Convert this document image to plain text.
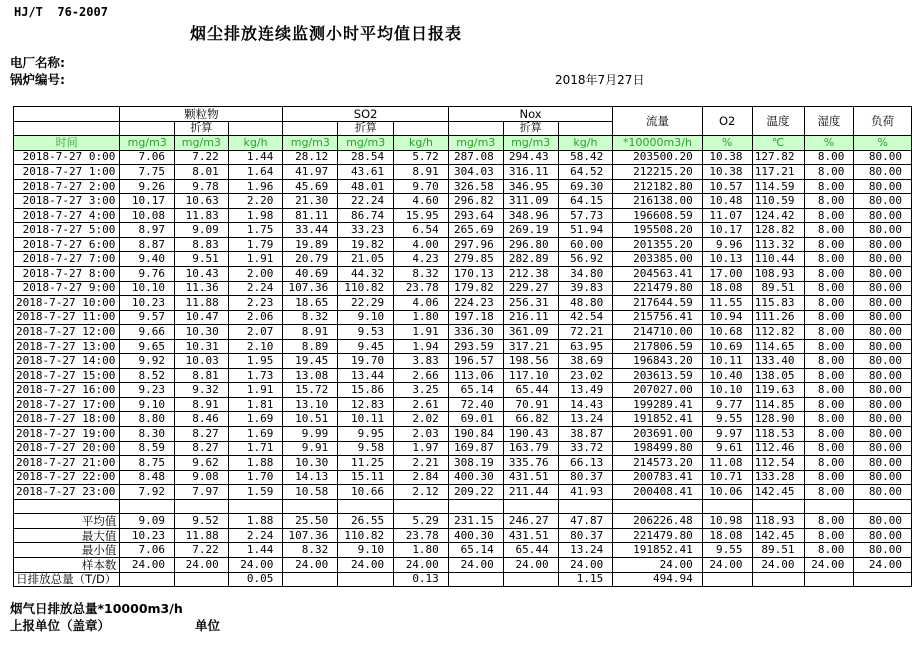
HJ/T  76-2007
烟尘排放连续监测小时平均值日报表
电厂名称:
锅炉编号:	2018年7月27日
	颗粒物			SO2			Nox			流量	O2	温度	湿度	负荷
		折算			折算			折算						
时间	mg/m3	mg/m3	kg/h	mg/m3	mg/m3	kg/h	mg/m3	mg/m3	kg/h	*10000m3/h	%	℃	%	%
2018-7-27 0:00	7.06	7.22	1.44	28.12	28.54	5.72	287.08	294.43	58.42	203500.20	10.38	127.82	8.00	80.00
2018-7-27 1:00	7.75	8.01	1.64	41.97	43.61	8.91	304.03	316.11	64.52	212215.20	10.38	117.21	8.00	80.00
2018-7-27 2:00	9.26	9.78	1.96	45.69	48.01	9.70	326.58	346.95	69.30	212182.80	10.57	114.59	8.00	80.00
2018-7-27 3:00	10.17	10.63	2.20	21.30	22.24	4.60	296.82	311.09	64.15	216138.00	10.48	110.59	8.00	80.00
2018-7-27 4:00	10.08	11.83	1.98	81.11	86.74	15.95	293.64	348.96	57.73	196608.59	11.07	124.42	8.00	80.00
2018-7-27 5:00	8.97	9.09	1.75	33.44	33.23	6.54	265.69	269.19	51.94	195508.20	10.17	128.82	8.00	80.00
2018-7-27 6:00	8.87	8.83	1.79	19.89	19.82	4.00	297.96	296.80	60.00	201355.20	9.96	113.32	8.00	80.00
2018-7-27 7:00	9.40	9.51	1.91	20.79	21.05	4.23	279.85	282.89	56.92	203385.00	10.13	110.44	8.00	80.00
2018-7-27 8:00	9.76	10.43	2.00	40.69	44.32	8.32	170.13	212.38	34.80	204563.41	17.00	108.93	8.00	80.00
2018-7-27 9:00	10.10	11.36	2.24	107.36	110.82	23.78	179.82	229.27	39.83	221479.80	18.08	89.51	8.00	80.00
2018-7-27 10:00	10.23	11.88	2.23	18.65	22.29	4.06	224.23	256.31	48.80	217644.59	11.55	115.83	8.00	80.00
2018-7-27 11:00	9.57	10.47	2.06	8.32	9.10	1.80	197.18	216.11	42.54	215756.41	10.94	111.26	8.00	80.00
2018-7-27 12:00	9.66	10.30	2.07	8.91	9.53	1.91	336.30	361.09	72.21	214710.00	10.68	112.82	8.00	80.00
2018-7-27 13:00	9.65	10.31	2.10	8.89	9.45	1.94	293.59	317.21	63.95	217806.59	10.69	114.65	8.00	80.00
2018-7-27 14:00	9.92	10.03	1.95	19.45	19.70	3.83	196.57	198.56	38.69	196843.20	10.11	133.40	8.00	80.00
2018-7-27 15:00	8.52	8.81	1.73	13.08	13.44	2.66	113.06	117.10	23.02	203613.59	10.40	138.05	8.00	80.00
2018-7-27 16:00	9.23	9.32	1.91	15.72	15.86	3.25	65.14	65.44	13.49	207027.00	10.10	119.63	8.00	80.00
2018-7-27 17:00	9.10	8.91	1.81	13.10	12.83	2.61	72.40	70.91	14.43	199289.41	9.77	114.85	8.00	80.00
2018-7-27 18:00	8.80	8.46	1.69	10.51	10.11	2.02	69.01	66.82	13.24	191852.41	9.55	128.90	8.00	80.00
2018-7-27 19:00	8.30	8.27	1.69	9.99	9.95	2.03	190.84	190.43	38.87	203691.00	9.97	118.53	8.00	80.00
2018-7-27 20:00	8.59	8.27	1.71	9.91	9.58	1.97	169.87	163.79	33.72	198499.80	9.61	112.46	8.00	80.00
2018-7-27 21:00	8.75	9.62	1.88	10.30	11.25	2.21	308.19	335.76	66.13	214573.20	11.08	112.54	8.00	80.00
2018-7-27 22:00	8.48	9.08	1.70	14.13	15.11	2.84	400.30	431.51	80.37	200783.41	10.71	133.28	8.00	80.00
2018-7-27 23:00	7.92	7.97	1.59	10.58	10.66	2.12	209.22	211.44	41.93	200408.41	10.06	142.45	8.00	80.00

平均值	9.09	9.52	1.88	25.50	26.55	5.29	231.15	246.27	47.87	206226.48	10.98	118.93	8.00	80.00
最大值	10.23	11.88	2.24	107.36	110.82	23.78	400.30	431.51	80.37	221479.80	18.08	142.45	8.00	80.00
最小值	7.06	7.22	1.44	8.32	9.10	1.80	65.14	65.44	13.24	191852.41	9.55	89.51	8.00	80.00
样本数	24.00	24.00	24.00	24.00	24.00	24.00	24.00	24.00	24.00	24.00	24.00	24.00	24.00	24.00
日排放总量（T/D）			0.05			0.13			1.15	494.94				
烟气日排放总量*10000m3/h
上报单位（盖章）	单位
